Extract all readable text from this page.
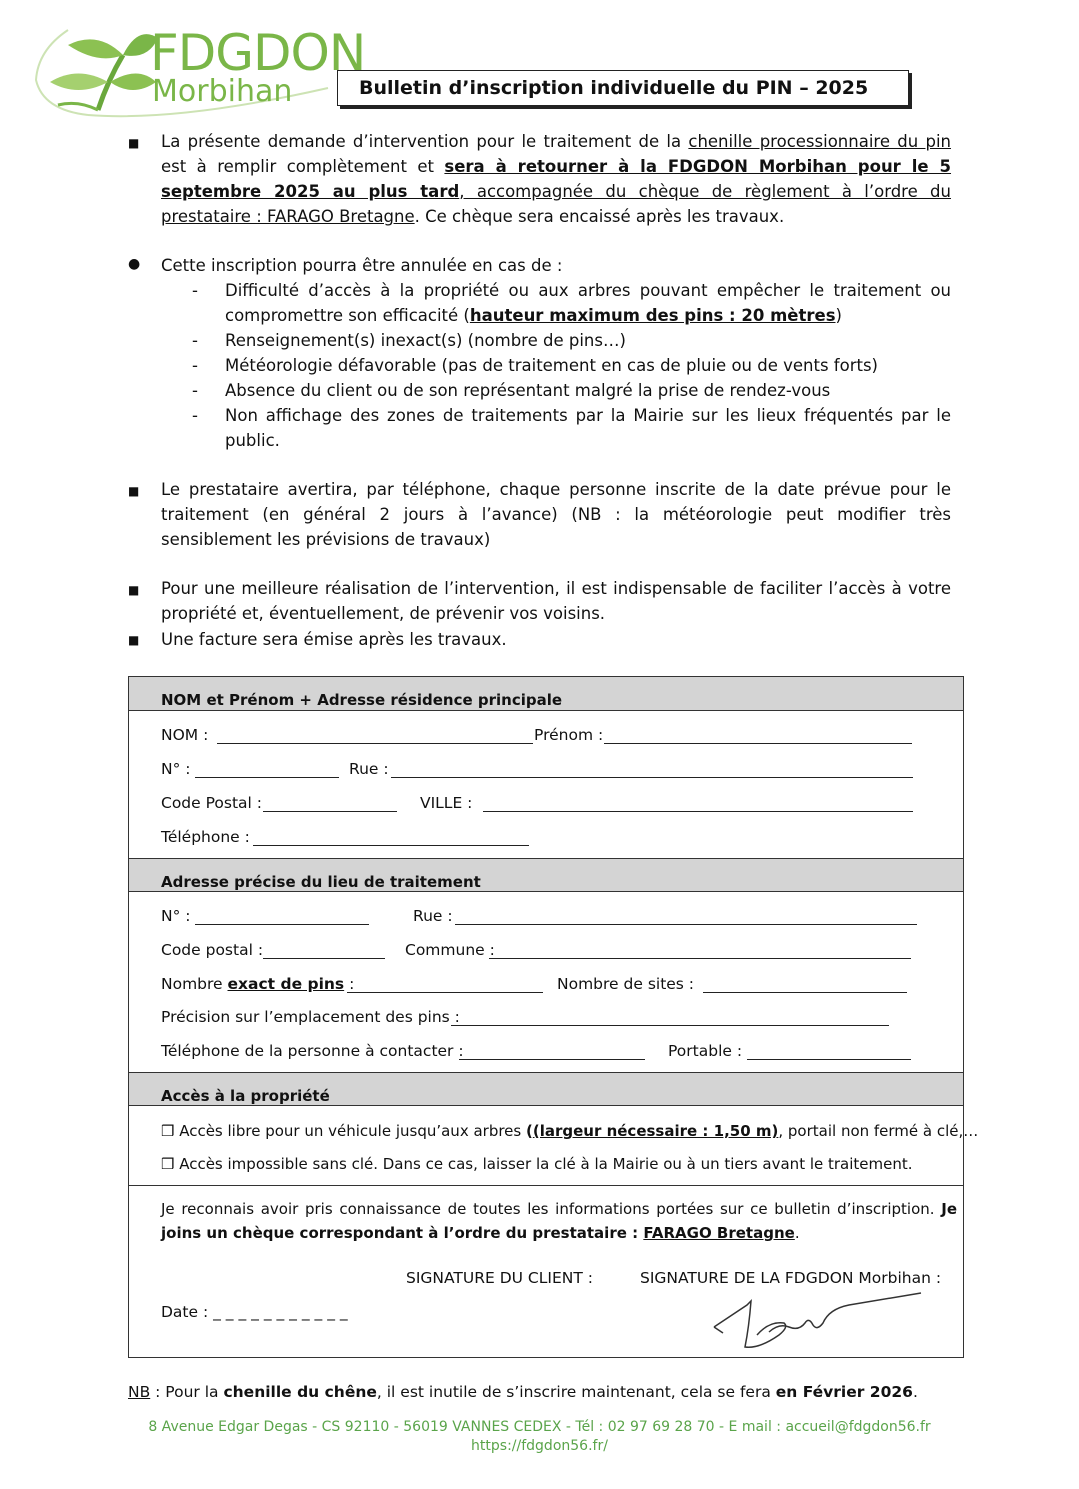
FDGDON
Morbihan	Bulletin d’inscription individuelle du PIN – 2025
■ La présente demande d’intervention pour le traitement de la chenille processionnaire du pin est à remplir complètement et sera à retourner à la FDGDON Morbihan pour le 5 septembre 2025 au plus tard, accompagnée du chèque de règlement à l’ordre du prestataire : FARAGO Bretagne. Ce chèque sera encaissé après les travaux.
● Cette inscription pourra être annulée en cas de :
- Difficulté d’accès à la propriété ou aux arbres pouvant empêcher le traitement ou compromettre son efficacité (hauteur maximum des pins : 20 mètres)
- Renseignement(s) inexact(s) (nombre de pins…)
- Météorologie défavorable (pas de traitement en cas de pluie ou de vents forts)
- Absence du client ou de son représentant malgré la prise de rendez-vous
- Non affichage des zones de traitements par la Mairie sur les lieux fréquentés par le public.
■ Le prestataire avertira, par téléphone, chaque personne inscrite de la date prévue pour le traitement (en général 2 jours à l’avance) (NB : la météorologie peut modifier très sensiblement les prévisions de travaux)
■ Pour une meilleure réalisation de l’intervention, il est indispensable de faciliter l’accès à votre propriété et, éventuellement, de prévenir vos voisins.
■ Une facture sera émise après les travaux.
NOM et Prénom + Adresse résidence principale
NOM :	Prénom :
N° :	Rue :
Code Postal :	VILLE :
Téléphone :
Adresse précise du lieu de traitement
N° :	Rue :
Code postal :	Commune :
Nombre exact de pins :	Nombre de sites :
Précision sur l’emplacement des pins :
Téléphone de la personne à contacter :	Portable :
Accès à la propriété
❒ Accès libre pour un véhicule jusqu’aux arbres ((largeur nécessaire : 1,50 m), portail non fermé à clé,…
❒ Accès impossible sans clé. Dans ce cas, laisser la clé à la Mairie ou à un tiers avant le traitement.
Je reconnais avoir pris connaissance de toutes les informations portées sur ce bulletin d’inscription. Je joins un chèque correspondant à l’ordre du prestataire : FARAGO Bretagne.
SIGNATURE DU CLIENT :	SIGNATURE DE LA FDGDON Morbihan :
Date : _ _ _ _ _ _ _ _ _ _ _
NB : Pour la chenille du chêne, il est inutile de s’inscrire maintenant, cela se fera en Février 2026.
8 Avenue Edgar Degas - CS 92110 - 56019 VANNES CEDEX - Tél : 02 97 69 28 70 - E mail : accueil@fdgdon56.fr
https://fdgdon56.fr/
